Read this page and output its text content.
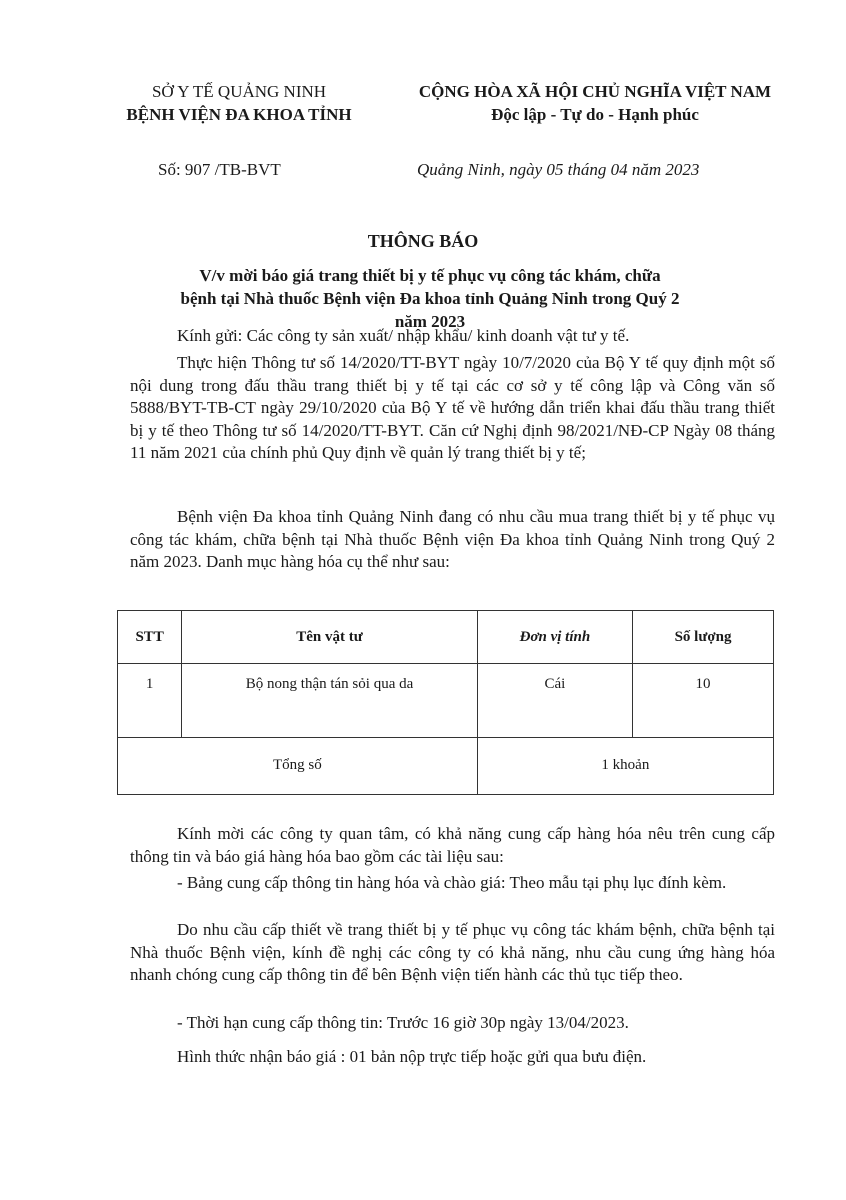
SỞ Y TẾ QUẢNG NINH
BỆNH VIỆN ĐA KHOA TỈNH
CỘNG HÒA XÃ HỘI CHỦ NGHĨA VIỆT NAM
Độc lập - Tự do - Hạnh phúc
Số: 907 /TB-BVT	Quảng Ninh, ngày 05 tháng 04 năm 2023
THÔNG BÁO
V/v mời báo giá trang thiết bị y tế phục vụ công tác khám, chữa bệnh tại Nhà thuốc Bệnh viện Đa khoa tỉnh Quảng Ninh trong Quý 2 năm 2023
Kính gửi: Các công ty sản xuất/ nhập khẩu/ kinh doanh vật tư y tế.
Thực hiện Thông tư số 14/2020/TT-BYT ngày 10/7/2020 của Bộ Y tế quy định một số nội dung trong đấu thầu trang thiết bị y tế tại các cơ sở y tế công lập và Công văn số 5888/BYT-TB-CT ngày 29/10/2020 của Bộ Y tế về hướng dẫn triển khai đấu thầu trang thiết bị y tế theo Thông tư số 14/2020/TT-BYT. Căn cứ Nghị định 98/2021/NĐ-CP Ngày 08 tháng 11 năm 2021 của chính phủ Quy định về quản lý trang thiết bị y tế;
Bệnh viện Đa khoa tỉnh Quảng Ninh đang có nhu cầu mua trang thiết bị y tế phục vụ công tác khám, chữa bệnh tại Nhà thuốc Bệnh viện Đa khoa tỉnh Quảng Ninh trong Quý 2 năm 2023. Danh mục hàng hóa cụ thể như sau:
STT	Tên vật tư	Đơn vị tính	Số lượng
1	Bộ nong thận tán sỏi qua da	Cái	10
Tổng số		1 khoản	
Kính mời các công ty quan tâm, có khả năng cung cấp hàng hóa nêu trên cung cấp thông tin và báo giá hàng hóa bao gồm các tài liệu sau:
- Bảng cung cấp thông tin hàng hóa và chào giá: Theo mẫu tại phụ lục đính kèm.
Do nhu cầu cấp thiết về trang thiết bị y tế phục vụ công tác khám bệnh, chữa bệnh tại Nhà thuốc Bệnh viện, kính đề nghị các công ty có khả năng, nhu cầu cung ứng hàng hóa nhanh chóng cung cấp thông tin để bên Bệnh viện tiến hành các thủ tục tiếp theo.
- Thời hạn cung cấp thông tin: Trước 16 giờ 30p ngày 13/04/2023.
Hình thức nhận báo giá : 01 bản nộp trực tiếp hoặc gửi qua bưu điện.
